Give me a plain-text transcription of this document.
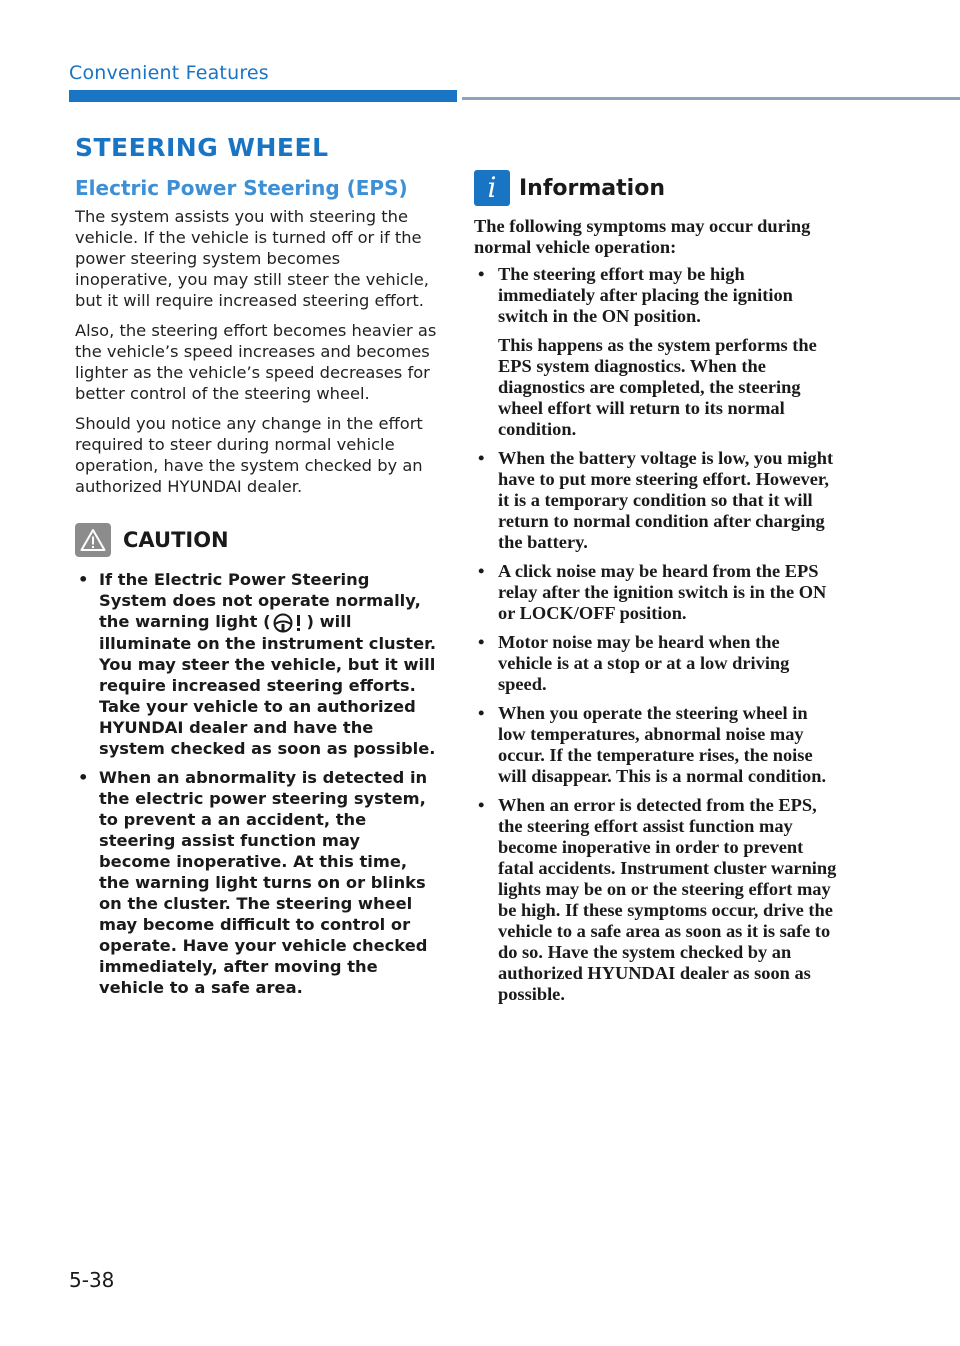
Convenient Features
STEERING WHEEL
Electric Power Steering (EPS)

The system assists you with steering the vehicle. If the vehicle is turned off or if the power steering system becomes inoperative, you may still steer the vehicle, but it will require increased steering effort.

Also, the steering effort becomes heavier as the vehicle’s speed increases and becomes lighter as the vehicle’s speed decreases for better control of the steering wheel.

Should you notice any change in the effort required to steer during normal vehicle operation, have the system checked by an authorized HYUNDAI dealer.

CAUTION
• If the Electric Power Steering System does not operate normally, the warning light ( ) will illuminate on the instrument cluster. You may steer the vehicle, but it will require increased steering efforts. Take your vehicle to an authorized HYUNDAI dealer and have the system checked as soon as possible.
• When an abnormality is detected in the electric power steering system, to prevent a an accident, the steering assist function may become inoperative. At this time, the warning light turns on or blinks on the cluster. The steering wheel may become difficult to control or operate. Have your vehicle checked immediately, after moving the vehicle to a safe area.
i	Information

The following symptoms may occur during normal vehicle operation:

• The steering effort may be high immediately after placing the ignition switch in the ON position.
This happens as the system performs the EPS system diagnostics. When the diagnostics are completed, the steering wheel effort will return to its normal condition.
• When the battery voltage is low, you might have to put more steering effort. However, it is a temporary condition so that it will return to normal condition after charging the battery.
• A click noise may be heard from the EPS relay after the ignition switch is in the ON or LOCK/OFF position.
• Motor noise may be heard when the vehicle is at a stop or at a low driving speed.
• When you operate the steering wheel in low temperatures, abnormal noise may occur. If the temperature rises, the noise will disappear. This is a normal condition.
• When an error is detected from the EPS, the steering effort assist function may become inoperative in order to prevent fatal accidents. Instrument cluster warning lights may be on or the steering effort may be high. If these symptoms occur, drive the vehicle to a safe area as soon as it is safe to do so. Have the system checked by an authorized HYUNDAI dealer as soon as possible.
5-38
